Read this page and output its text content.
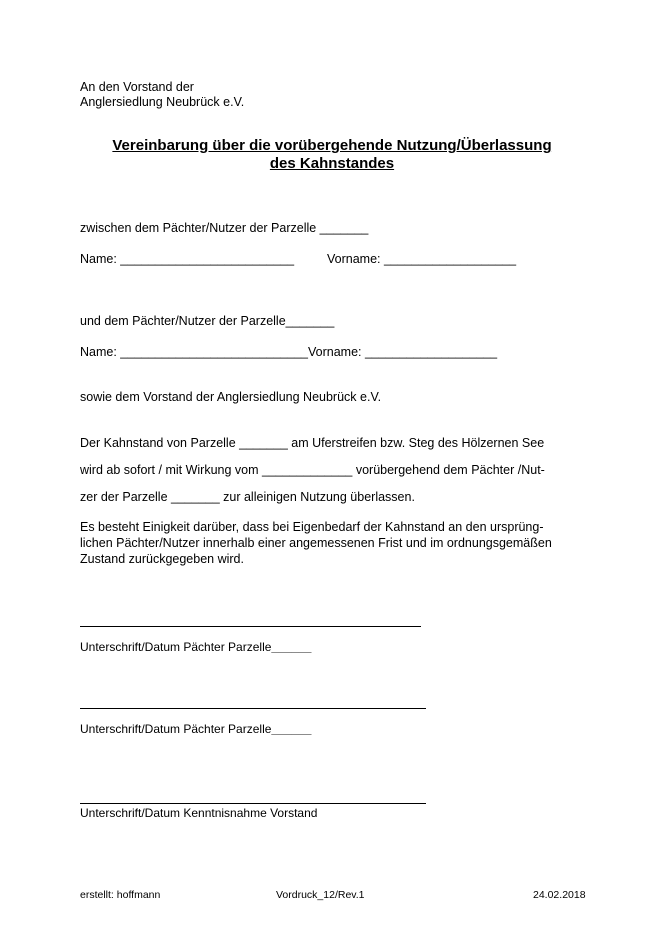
An den Vorstand der
Anglersiedlung Neubrück e.V.
Vereinbarung über die vorübergehende Nutzung/Überlassung
des Kahnstandes
zwischen dem Pächter/Nutzer der Parzelle _______
Name: _________________________	Vorname: ___________________
und dem Pächter/Nutzer der Parzelle_______
Name: ___________________________Vorname: ___________________
sowie dem Vorstand der Anglersiedlung Neubrück e.V.
Der Kahnstand von Parzelle _______ am Uferstreifen bzw. Steg des Hölzernen See
wird ab sofort / mit Wirkung vom _____________ vorübergehend dem Pächter /Nut-
zer der Parzelle _______ zur alleinigen Nutzung überlassen.
Es besteht Einigkeit darüber, dass bei Eigenbedarf der Kahnstand an den ursprüng-
lichen Pächter/Nutzer innerhalb einer angemessenen Frist und im ordnungsgemäßen
Zustand zurückgegeben wird.
Unterschrift/Datum Pächter Parzelle______
Unterschrift/Datum Pächter Parzelle______
Unterschrift/Datum Kenntnisnahme Vorstand
erstellt: hoffmann	Vordruck_12/Rev.1	24.02.2018
